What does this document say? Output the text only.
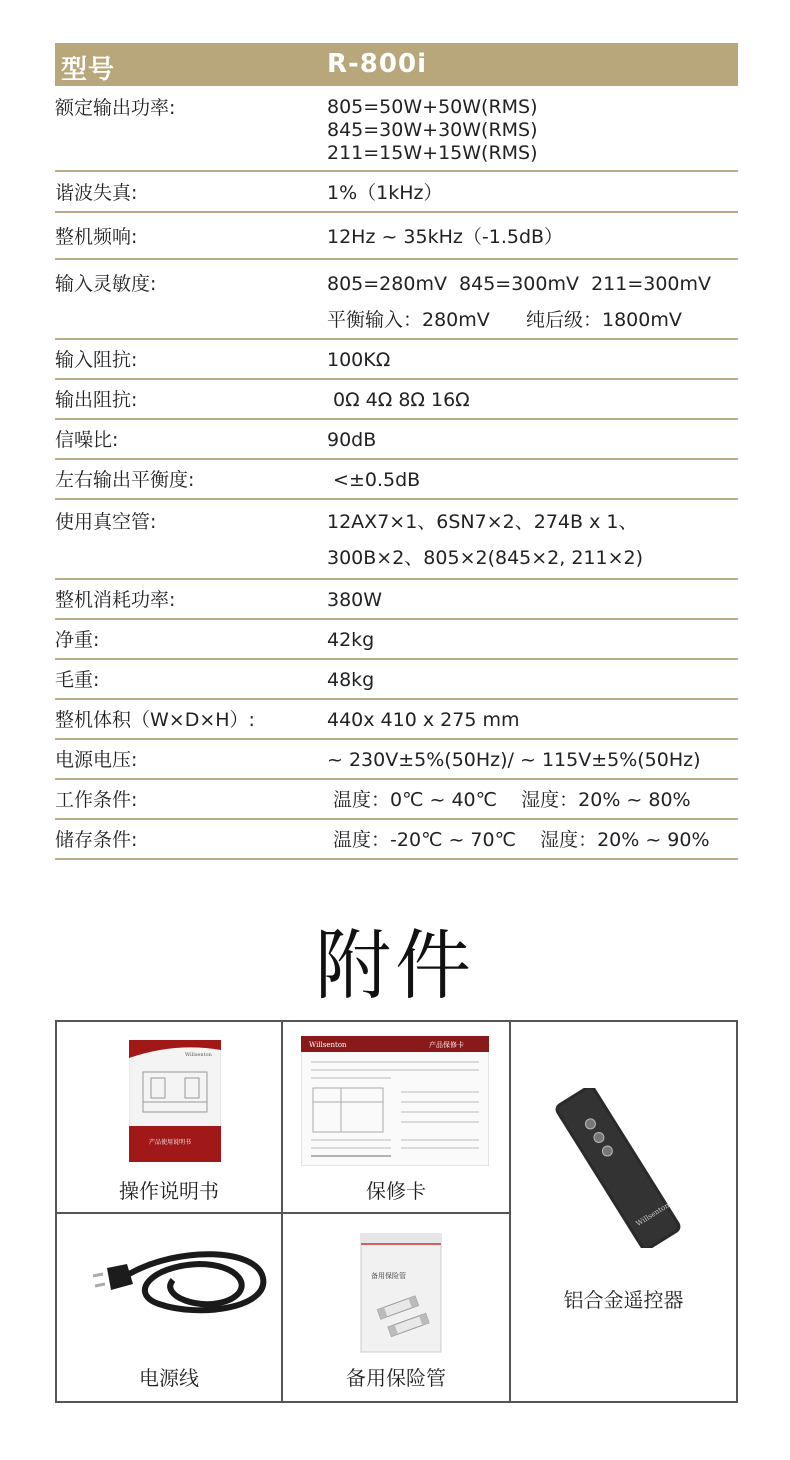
型号	R-800i
额定输出功率:	805=50W+50W(RMS)
845=30W+30W(RMS)
211=15W+15W(RMS)
谐波失真:	1%（1kHz）
整机频响:	12Hz ~ 35kHz（-1.5dB）
输入灵敏度:	805=280mV  845=300mV  211=300mV
平衡输入：280mV      纯后级：1800mV
输入阻抗:	100KΩ
输出阻抗:	0Ω 4Ω 8Ω 16Ω
信噪比:	90dB
左右输出平衡度:	<±0.5dB
使用真空管:	12AX7×1、6SN7×2、274B x 1、
300B×2、805×2(845×2, 211×2)
整机消耗功率:	380W
净重:	42kg
毛重:	48kg
整机体积（W×D×H）:	440x 410 x 275 mm
电源电压:	~ 230V±5%(50Hz)/ ~ 115V±5%(50Hz)
工作条件:	温度：0℃ ~ 40℃    湿度：20% ~ 80%
储存条件:	温度：-20℃ ~ 70℃    湿度：20% ~ 90%
附件
Willsenton
产品使用说明书
操作说明书
Willsenton	产品保修卡
保修卡
Willsenton
铝合金遥控器
电源线
备用保险管
备用保险管
